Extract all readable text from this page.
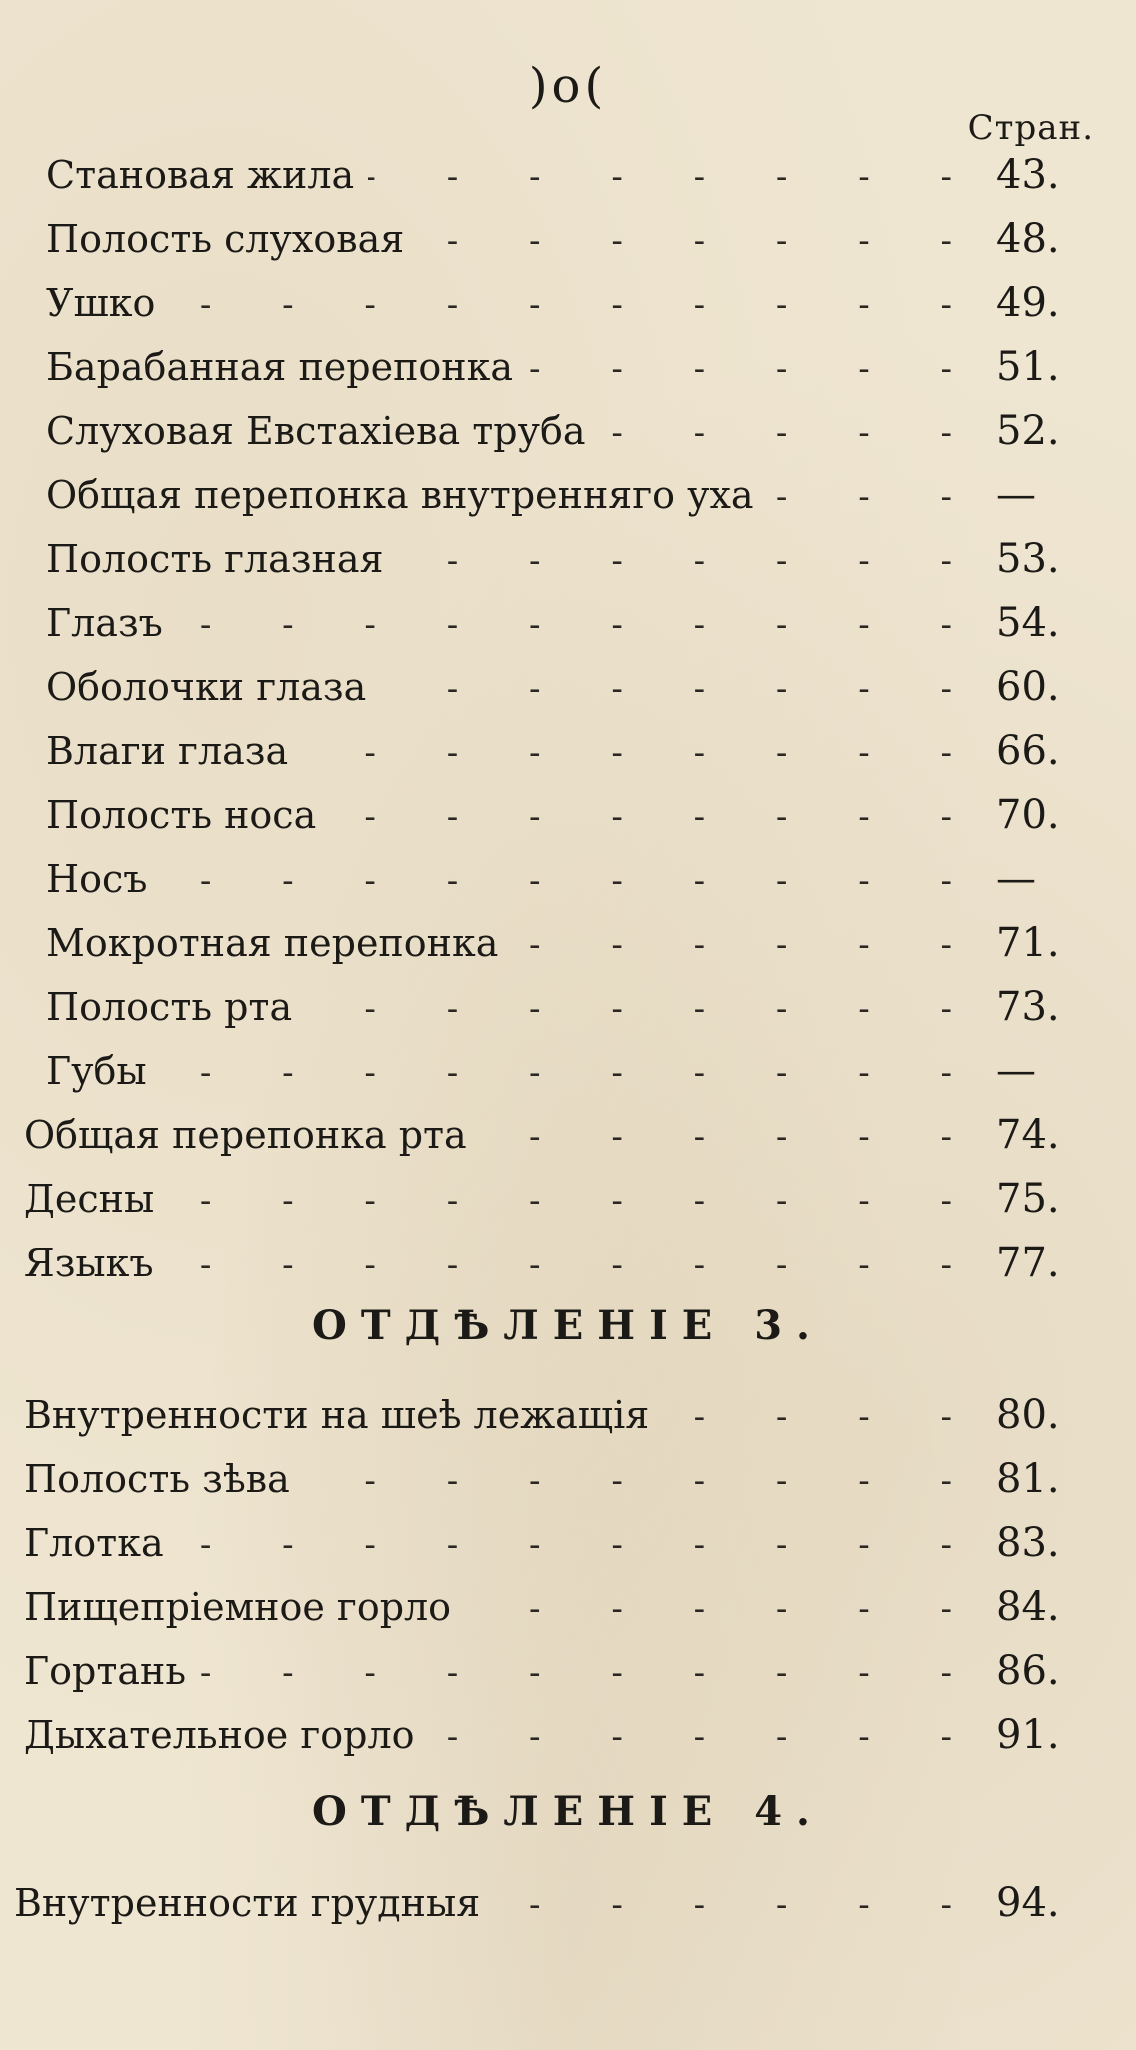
)o(
Стран.
Становая жила - - -	43.
Полость слуховая - - -	48.
Ушко - - -	49.
Барабанная перепонка - - -	51.
Слуховая Евстахіева труба - - -	52.
Общая перепонка внутренняго уха - - -	—
Полость глазная - - -	53.
Глазъ - - -	54.
Оболочки глаза - - -	60.
Влаги глаза - - -	66.
Полость носа - - -	70.
Носъ - - -	—
Мокротная перепонка - - -	71.
Полость рта - - -	73.
Губы - - -	—
Общая перепонка рта - - -	74.
Десны - - -	75.
Языкъ - - -	77.
ОТДѢЛЕНІЕ 3.
Внутренности на шеѣ лежащія - - -	80.
Полость зѣва - - -	81.
Глотка - - -	83.
Пищепріемное горло - - -	84.
Гортань - - -	86.
Дыхательное горло - - -	91.
ОТДѢЛЕНІЕ 4.
Внутренности грудныя - - -	94.
